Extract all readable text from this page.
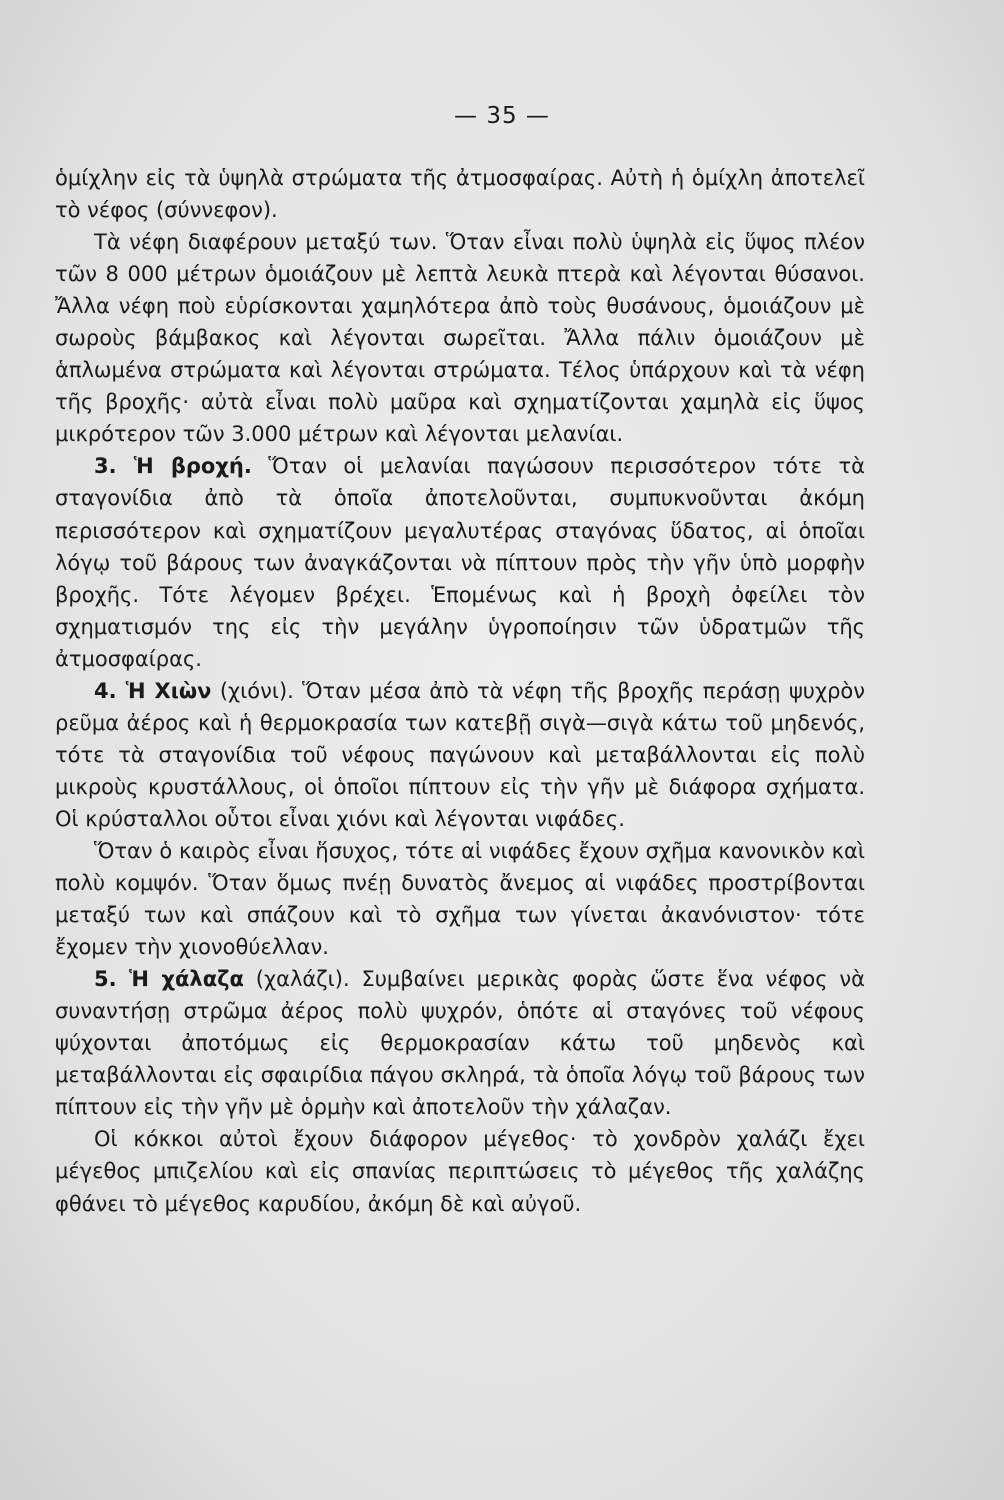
— 35 —

ὁμίχλην εἰς τὰ ὑψηλὰ στρώματα τῆς ἀτμοσφαίρας. Αὐτὴ ἡ ὁμίχλη ἀποτελεῖ τὸ νέφος (σύννεφον).

Τὰ νέφη διαφέρουν μεταξύ των. Ὅταν εἶναι πολὺ ὑψηλὰ εἰς ὕψος πλέον τῶν 8 000 μέτρων ὁμοιάζουν μὲ λεπτὰ λευκὰ πτερὰ καὶ λέγονται θύσανοι. Ἄλλα νέφη ποὺ εὑρίσκονται χαμηλότερα ἀπὸ τοὺς θυσάνους, ὁμοιάζουν μὲ σωροὺς βάμβακος καὶ λέγονται σωρεῖται. Ἄλλα πάλιν ὁμοιάζουν μὲ ἁπλωμένα στρώματα καὶ λέγονται στρώματα. Τέλος ὑπάρχουν καὶ τὰ νέφη τῆς βροχῆς· αὐτὰ εἶναι πολὺ μαῦρα καὶ σχηματίζονται χαμηλὰ εἰς ὕψος μικρότερον τῶν 3.000 μέτρων καὶ λέγονται μελανίαι.

3. Ἡ βροχή. Ὅταν οἱ μελανίαι παγώσουν περισσότερον τότε τὰ σταγονίδια ἀπὸ τὰ ὁποῖα ἀποτελοῦνται, συμπυκνοῦνται ἀκόμη περισσότερον καὶ σχηματίζουν μεγαλυτέρας σταγόνας ὕδατος, αἱ ὁποῖαι λόγῳ τοῦ βάρους των ἀναγκάζονται νὰ πίπτουν πρὸς τὴν γῆν ὑπὸ μορφὴν βροχῆς. Τότε λέγομεν βρέχει. Ἑπομένως καὶ ἡ βροχὴ ὀφείλει τὸν σχηματισμόν της εἰς τὴν μεγάλην ὑγροποίησιν τῶν ὑδρατμῶν τῆς ἀτμοσφαίρας.

4. Ἡ Χιὼν (χιόνι). Ὅταν μέσα ἀπὸ τὰ νέφη τῆς βροχῆς περάσῃ ψυχρὸν ρεῦμα ἀέρος καὶ ἡ θερμοκρασία των κατεβῇ σιγὰ—σιγὰ κάτω τοῦ μηδενός, τότε τὰ σταγονίδια τοῦ νέφους παγώνουν καὶ μεταβάλλονται εἰς πολὺ μικροὺς κρυστάλλους, οἱ ὁποῖοι πίπτουν εἰς τὴν γῆν μὲ διάφορα σχήματα. Οἱ κρύσταλλοι οὗτοι εἶναι χιόνι καὶ λέγονται νιφάδες.

Ὅταν ὁ καιρὸς εἶναι ἥσυχος, τότε αἱ νιφάδες ἔχουν σχῆμα κανονικὸν καὶ πολὺ κομψόν. Ὅταν ὅμως πνέῃ δυνατὸς ἄνεμος αἱ νιφάδες προστρίβονται μεταξύ των καὶ σπάζουν καὶ τὸ σχῆμα των γίνεται ἀκανόνιστον· τότε ἔχομεν τὴν χιονοθύελλαν.

5. Ἡ χάλαζα (χαλάζι). Συμβαίνει μερικὰς φορὰς ὥστε ἕνα νέφος νὰ συναντήσῃ στρῶμα ἀέρος πολὺ ψυχρόν, ὁπότε αἱ σταγόνες τοῦ νέφους ψύχονται ἀποτόμως εἰς θερμοκρασίαν κάτω τοῦ μηδενὸς καὶ μεταβάλλονται εἰς σφαιρίδια πάγου σκληρά, τὰ ὁποῖα λόγῳ τοῦ βάρους των πίπτουν εἰς τὴν γῆν μὲ ὁρμὴν καὶ ἀποτελοῦν τὴν χάλαζαν.

Οἱ κόκκοι αὐτοὶ ἔχουν διάφορον μέγεθος· τὸ χονδρὸν χαλάζι ἔχει μέγεθος μπιζελίου καὶ εἰς σπανίας περιπτώσεις τὸ μέγεθος τῆς χαλάζης φθάνει τὸ μέγεθος καρυδίου, ἀκόμη δὲ καὶ αὐγοῦ.
